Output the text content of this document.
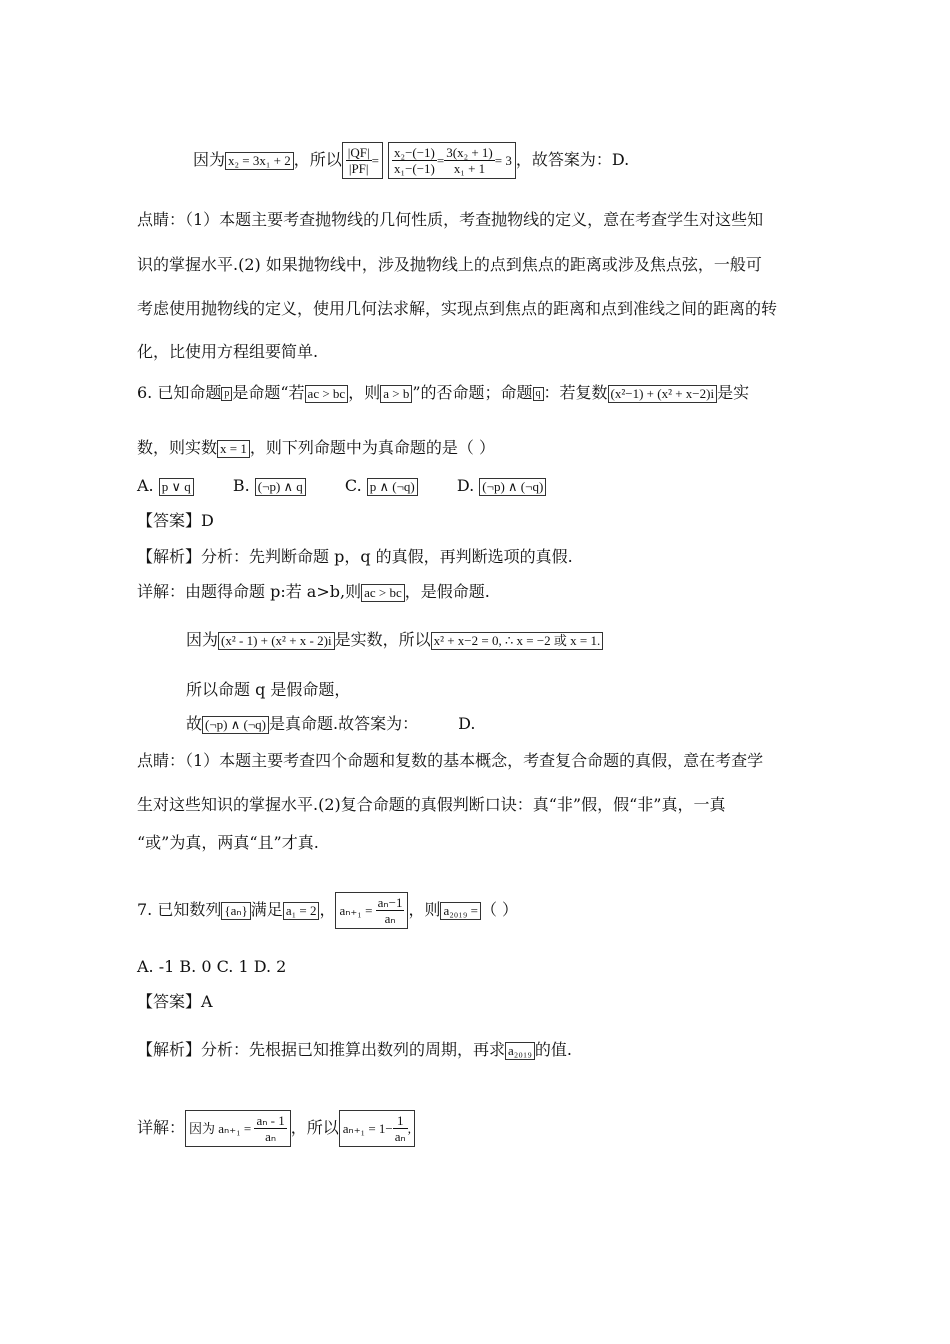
因为 x₂ = 3x₁ + 2 ，所以 $\frac{|QF|}{|PF|}$ =
$\frac{\text{x₂−(−1)}}{\text{x₁−(−1)}} = \frac{\text{3(x₂ + 1)}}{\text{x₁ + 1}} = 3$ ，故答案为：D.
点睛：（1）本题主要考查抛物线的几何性质，考查抛物线的定义，意在考查学生对这些知
识的掌握水平.(2) 如果抛物线中，涉及抛物线上的点到焦点的距离或涉及焦点弦，一般可
考虑使用抛物线的定义，使用几何法求解，实现点到焦点的距离和点到准线之间的距离的转
化，比使用方程组要简单.
6. 已知命题 p 是命题“若 ac > bc ，则 a > b ”的否命题；命题 q ：若复数 (x²−1) + (x² + x−2)i 是实
数，则实数 x = 1 ，则下列命题中为真命题的是（ ）
A. p ∨ q	B. (¬p) ∧ q	C. p ∧ (¬q)	D. (¬p) ∧ (¬q)
【答案】D
【解析】分析：先判断命题 p，q 的真假，再判断选项的真假.
详解：由题得命题 p:若 a>b,则 ac > bc ，是假命题.
因为 (x² - 1) + (x² + x - 2)i 是实数，所以 x² + x−2 = 0, ∴ x = −2 或 x = 1.
所以命题 q 是假命题，
故 (¬p) ∧ (¬q) 是真命题.故答案为：	D.
点睛：（1）本题主要考查四个命题和复数的基本概念，考查复合命题的真假，意在考查学
生对这些知识的掌握水平.(2)复合命题的真假判断口诀：真“非”假，假“非”真，一真
“或”为真，两真“且”才真.
7. 已知数列 {aₙ} 满足 a₁ = 2 ， aₙ₊₁ =
$\frac{\text{aₙ−1}}{\text{aₙ}}$ ，则 a₂₀₁₉ = （ ）
A. -1 B. 0 C. 1 D. 2
【答案】A
【解析】分析：先根据已知推算出数列的周期，再求 a₂₀₁₉ 的值.
详解： 因为 aₙ₊₁ =
$\frac{\text{aₙ - 1}}{\text{aₙ}}$ ，所以 $a_{n+1} = 1- \frac{1}{\text{aₙ}}$ ,
